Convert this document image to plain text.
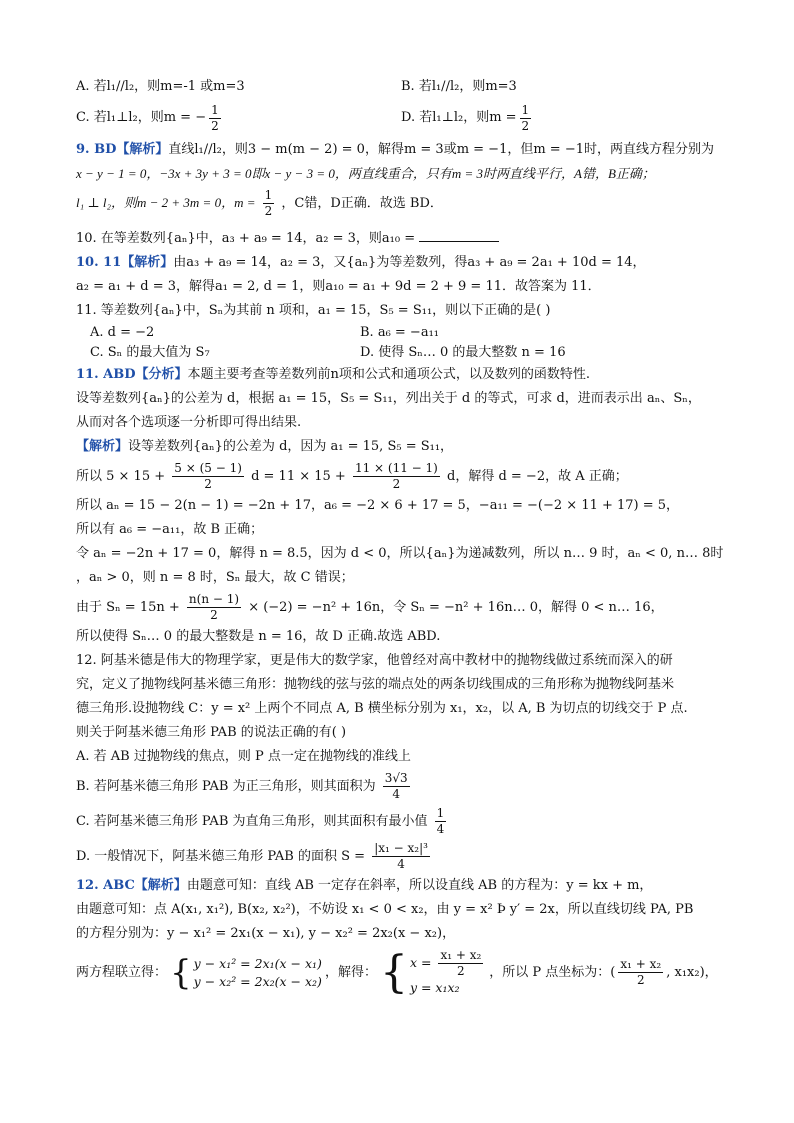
A. 若l₁//l₂，则m=-1 或m=3	B. 若l₁//l₂，则m=3
C. 若l₁⊥l₂，则m = − $\frac{1}{2}$	D. 若l₁⊥l₂，则$m = \frac{1}{2}$

9. BD【解析】直线l₁//l₂，则3 − m(m − 2) = 0，解得m = 3或m = −1，但m = −1时，两直线方程分别为

x − y − 1 = 0，−3x + 3y + 3 = 0即x − y − 3 = 0，两直线重合，只有m = 3时两直线平行，A错，B正确；

l₁ ⊥ l₂，则m − 2 + 3m = 0，$m = \frac{1}{2}$ ，C错，D正确．故选 BD．

10. 在等差数列{aₙ}中，a₃ + a₉ = 14，a₂ = 3，则a₁₀ =

10. 11【解析】由a₃ + a₉ = 14，a₂ = 3，又{aₙ}为等差数列，得a₃ + a₉ = 2a₁ + 10d = 14，

a₂ = a₁ + d = 3，解得a₁ = 2, d = 1，则a₁₀ = a₁ + 9d = 2 + 9 = 11．故答案为 11．

11. 等差数列{aₙ}中，Sₙ为其前 n 项和，a₁ = 15，S₅ = S₁₁，则以下正确的是( )

A. d = −2	B. a₆ = −a₁₁
C. Sₙ 的最大值为 S₇	D. 使得 Sₙ… 0 的最大整数 n = 16

11. ABD【分析】本题主要考查等差数列前n项和公式和通项公式，以及数列的函数特性.

设等差数列{aₙ}的公差为 d，根据 a₁ = 15，S₅ = S₁₁，列出关于 d 的等式，可求 d，进而表示出 aₙ、Sₙ，

从而对各个选项逐一分析即可得出结果.

【解析】设等差数列{aₙ}的公差为 d，因为 a₁ = 15, S₅ = S₁₁，

所以 $5 \times 15 + \frac{5 \times (5 - 1)}{2}$ $d = 11 \times 15 + \frac{11 \times (11 - 1)}{2}$ d，解得 d = −2，故 A 正确；

所以 aₙ = 15 − 2(n − 1) = −2n + 17，a₆ = −2 × 6 + 17 = 5，−a₁₁ = −(−2 × 11 + 17) = 5，

所以有 a₆ = −a₁₁，故 B 正确；

令 aₙ = −2n + 17 = 0，解得 n = 8.5，因为 d < 0，所以{aₙ}为递减数列，所以 n… 9 时，aₙ < 0, n… 8时

，aₙ > 0，则 n = 8 时，Sₙ 最大，故 C 错误；

由于 $S_n = 15n + \frac{n(n - 1)}{2} \times (-2) = -n^2 + 16n$，令 Sₙ = −n² + 16n… 0，解得 0 < n… 16，

所以使得 Sₙ… 0 的最大整数是 n = 16，故 D 正确.故选 ABD.

12. 阿基米德是伟大的物理学家，更是伟大的数学家，他曾经对高中教材中的抛物线做过系统而深入的研

究，定义了抛物线阿基米德三角形：抛物线的弦与弦的端点处的两条切线围成的三角形称为抛物线阿基米

德三角形.设抛物线 C：y = x² 上两个不同点 A, B 横坐标分别为 x₁，x₂，以 A, B 为切点的切线交于 P 点.

则关于阿基米德三角形 PAB 的说法正确的有( )

A. 若 AB 过抛物线的焦点，则 P 点一定在抛物线的准线上

B. 若阿基米德三角形 PAB 为正三角形，则其面积为 $\frac{3√3}{4}$

C. 若阿基米德三角形 PAB 为直角三角形，则其面积有最小值 $\frac{1}{4}$

D. 一般情况下，阿基米德三角形 PAB 的面积 $S = \frac{\text{|x₁ − x₂|³}}{4}$

12. ABC【解析】由题意可知：直线 AB 一定存在斜率，所以设直线 AB 的方程为：y = kx + m，

由题意可知：点 A(x₁, x₁²), B(x₂, x₂²)，不妨设 x₁ < 0 < x₂，由 y = x² Þ y′ = 2x，所以直线切线 PA, PB

的方程分别为：y − x₁² = 2x₁(x − x₁), y − x₂² = 2x₂(x − x₂)，

两方程联立得： { y − x₁² = 2x₁(x − x₁)
y − x₂² = 2x₂(x − x₂)
，解得： { $x = \frac{\text{x₁ + x₂}}{2}$
y = x₁x₂
，所以 P 点坐标为：( $\frac{\text{x₁ + x₂}}{2}$ , x₁x₂)，
